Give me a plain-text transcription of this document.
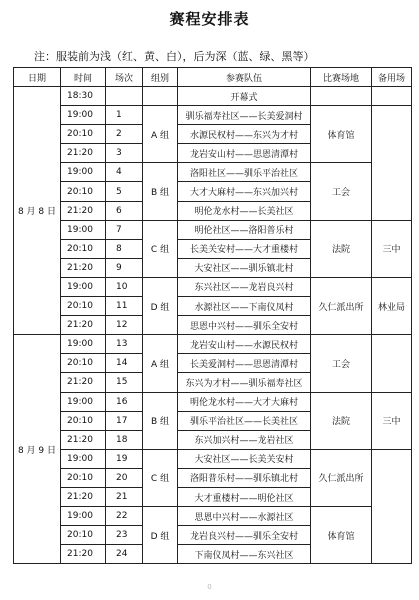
赛程安排表
注：服装前为浅（红、黄、白），后为深（蓝、绿、黑等）
日期	时间	场次	组别	参赛队伍	比赛场地	备用场
8 月 8 日	18:30			开幕式		
	19:00	1	A 组	驯乐福寿社区——长美爱洞村	体育馆	
	20:10	2		水源民权村——东兴为才村		
	21:20	3		龙岩安山村——思恩清潭村		
	19:00	4	B 组	洛阳社区——驯乐平治社区	工会	
	20:10	5		大才大麻村——东兴加兴村		
	21:20	6		明伦龙水村——长美社区		
	19:00	7	C 组	明伦社区——洛阳普乐村	法院	三中
	20:10	8		长美关安村——大才重楼村		
	21:20	9		大安社区——驯乐镇北村		
	19:00	10	D 组	东兴社区——龙岩良兴村	久仁派出所	林业局
	20:10	11		水源社区——下南仪凤村		
	21:20	12		思恩中兴村——驯乐全安村		
8 月 9 日	19:00	13	A 组	龙岩安山村——水源民权村	工会	
	20:10	14		长美爱洞村——思恩清潭村		
	21:20	15		东兴为才村——驯乐福寿社区		
	19:00	16	B 组	明伦龙水村——大才大麻村	法院	三中
	20:10	17		驯乐平治社区——长美社区		
	21:20	18		东兴加兴村——龙岩社区		
	19:00	19	C 组	大安社区——长美关安村	久仁派出所	
	20:10	20		洛阳普乐村——驯乐镇北村		
	21:20	21		大才重楼村——明伦社区		
	19:00	22	D 组	思恩中兴村——水源社区	体育馆	
	20:10	23		龙岩良兴村——驯乐全安村		
	21:20	24		下南仪凤村——东兴社区		
0
